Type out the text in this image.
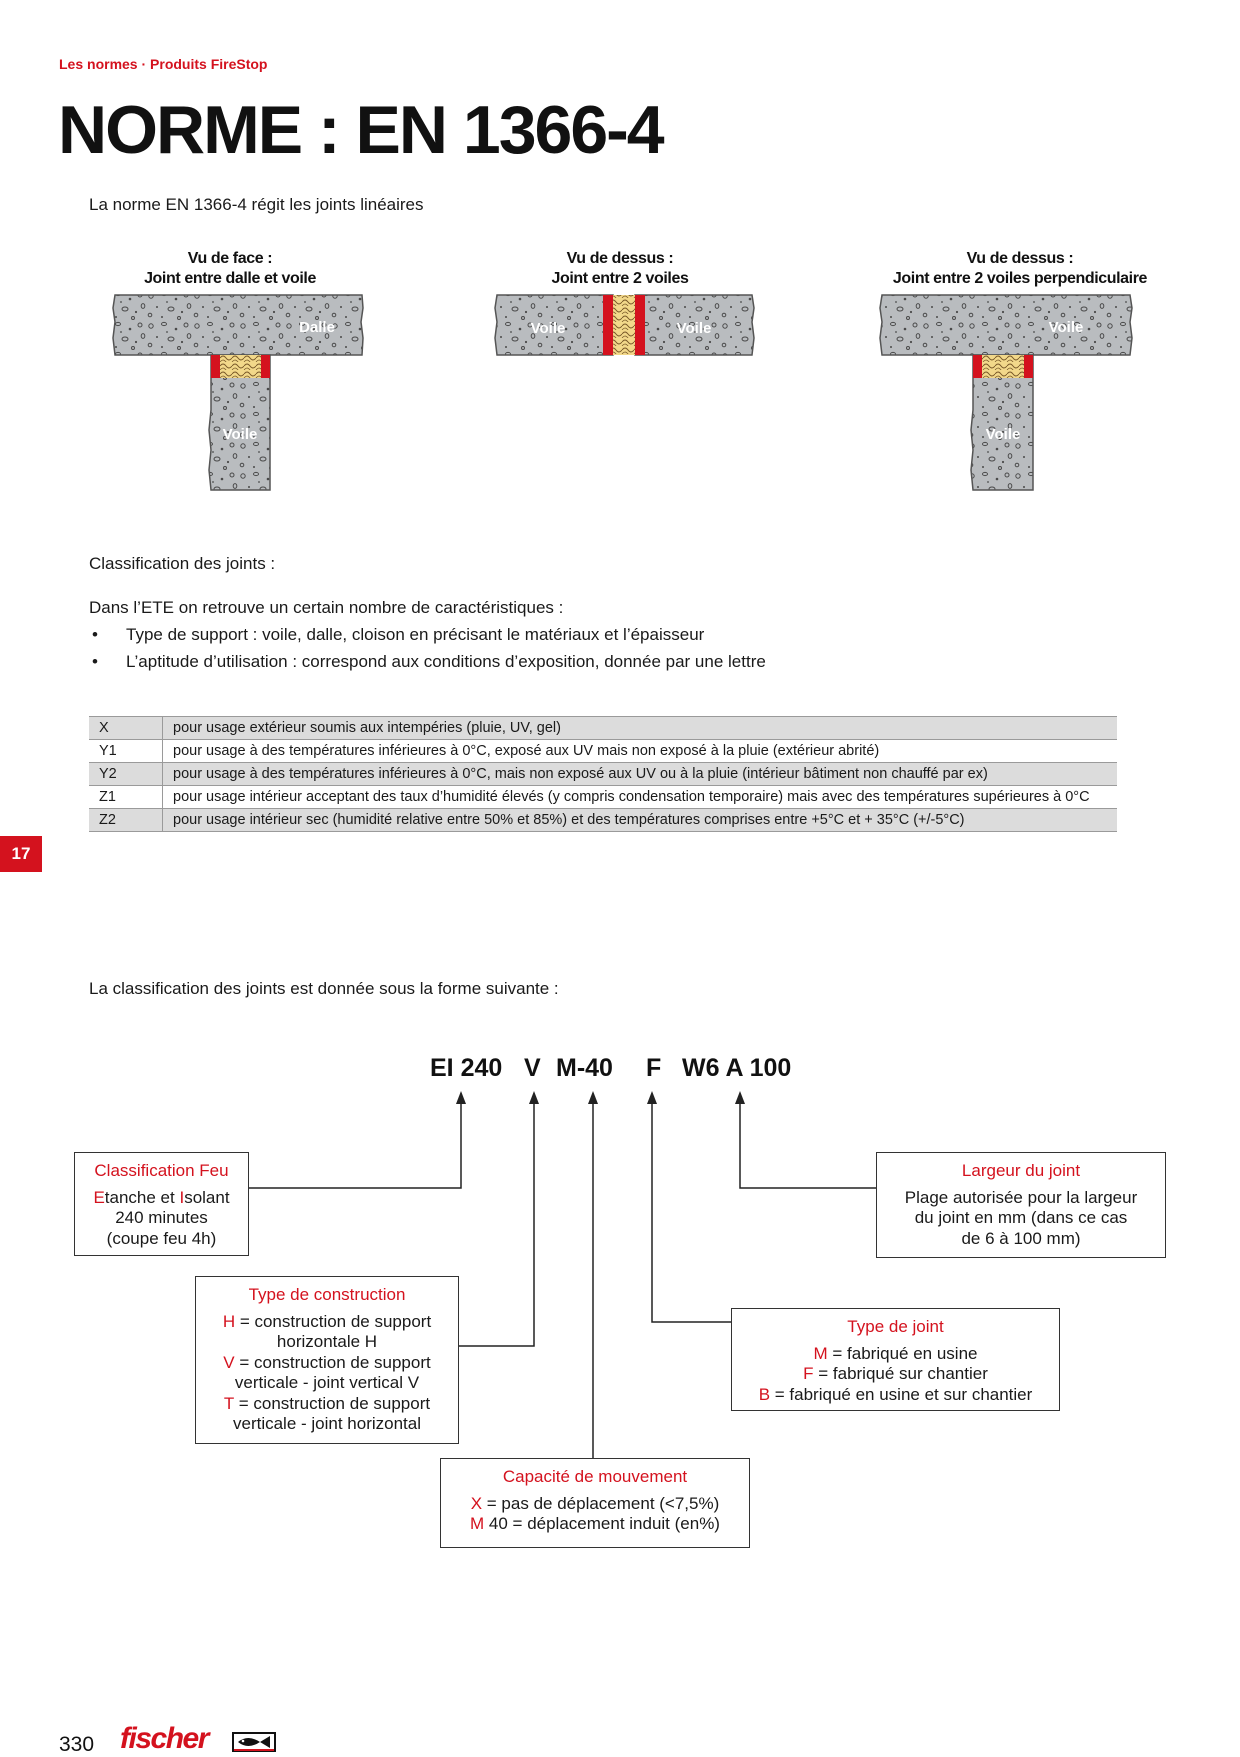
Les normes · Produits FireStop
NORME : EN 1366-4
La norme EN 1366-4 régit les joints linéaires
Vu de face :
Joint entre dalle et voile
Vu de dessus :
Joint entre 2 voiles
Vu de dessus :
Joint entre 2 voiles perpendiculaire
Dalle
Voile
Voile	Voile	Voile
Voile
Classification des joints :
Dans l’ETE on retrouve un certain nombre de caractéristiques :
• Type de support : voile, dalle, cloison en précisant le matériaux et l’épaisseur
• L’aptitude d’utilisation : correspond aux conditions d’exposition, donnée par une lettre
X	pour usage extérieur soumis aux intempéries (pluie, UV, gel)
Y1	pour usage à des températures inférieures à 0°C, exposé aux UV mais non exposé à la pluie (extérieur abrité)
Y2	pour usage à des températures inférieures à 0°C, mais non exposé aux UV ou à la pluie (intérieur bâtiment non chauffé par ex)
Z1	pour usage intérieur acceptant des taux d’humidité élevés (y compris condensation temporaire) mais avec des températures supérieures à 0°C
Z2	pour usage intérieur sec (humidité relative entre 50% et 85%) et des températures comprises entre +5°C et + 35°C (+/-5°C)
17
La classification des joints est donnée sous la forme suivante :
EI 240 V M-40 F W6 A 100
Classification Feu
Etanche et Isolant
240 minutes
(coupe feu 4h)
Type de construction
H = construction de support
horizontale H
V = construction de support
verticale - joint vertical V
T = construction de support
verticale - joint horizontal
Capacité de mouvement
X = pas de déplacement (<7,5%)
M 40 = déplacement induit (en%)
Type de joint
M = fabriqué en usine
F = fabriqué sur chantier
B = fabriqué en usine et sur chantier
Largeur du joint
Plage autorisée pour la largeur
du joint en mm (dans ce cas
de 6 à 100 mm)
330 fischer
